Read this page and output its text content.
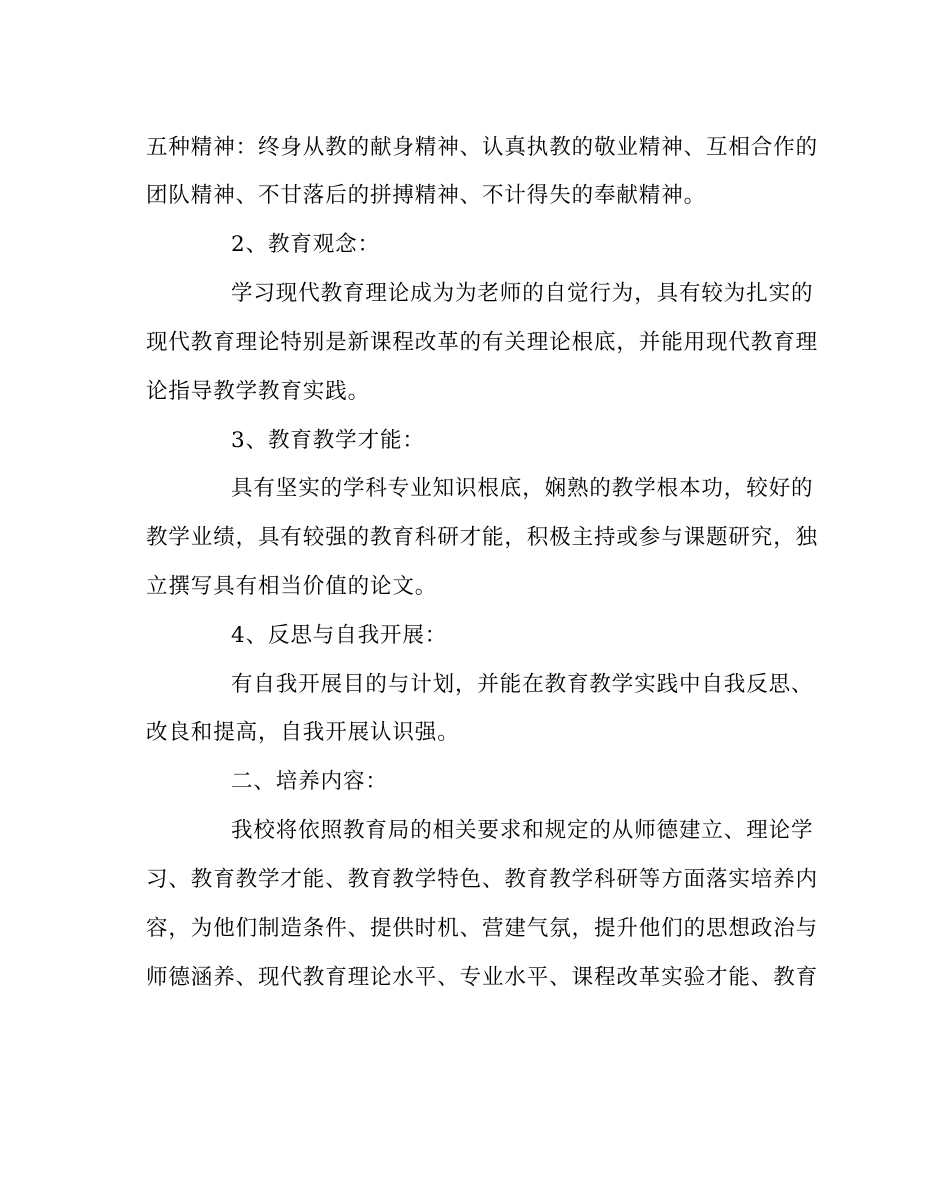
五种精神：终身从教的献身精神、认真执教的敬业精神、互相合作的
团队精神、不甘落后的拼搏精神、不计得失的奉献精神。
2、教育观念：
学习现代教育理论成为为老师的自觉行为，具有较为扎实的
现代教育理论特别是新课程改革的有关理论根底，并能用现代教育理
论指导教学教育实践。
3、教育教学才能：
具有坚实的学科专业知识根底，娴熟的教学根本功，较好的
教学业绩，具有较强的教育科研才能，积极主持或参与课题研究，独
立撰写具有相当价值的论文。
4、反思与自我开展：
有自我开展目的与计划，并能在教育教学实践中自我反思、
改良和提高，自我开展认识强。
二、培养内容：
我校将依照教育局的相关要求和规定的从师德建立、理论学
习、教育教学才能、教育教学特色、教育教学科研等方面落实培养内
容，为他们制造条件、提供时机、营建气氛，提升他们的思想政治与
师德涵养、现代教育理论水平、专业水平、课程改革实验才能、教育
